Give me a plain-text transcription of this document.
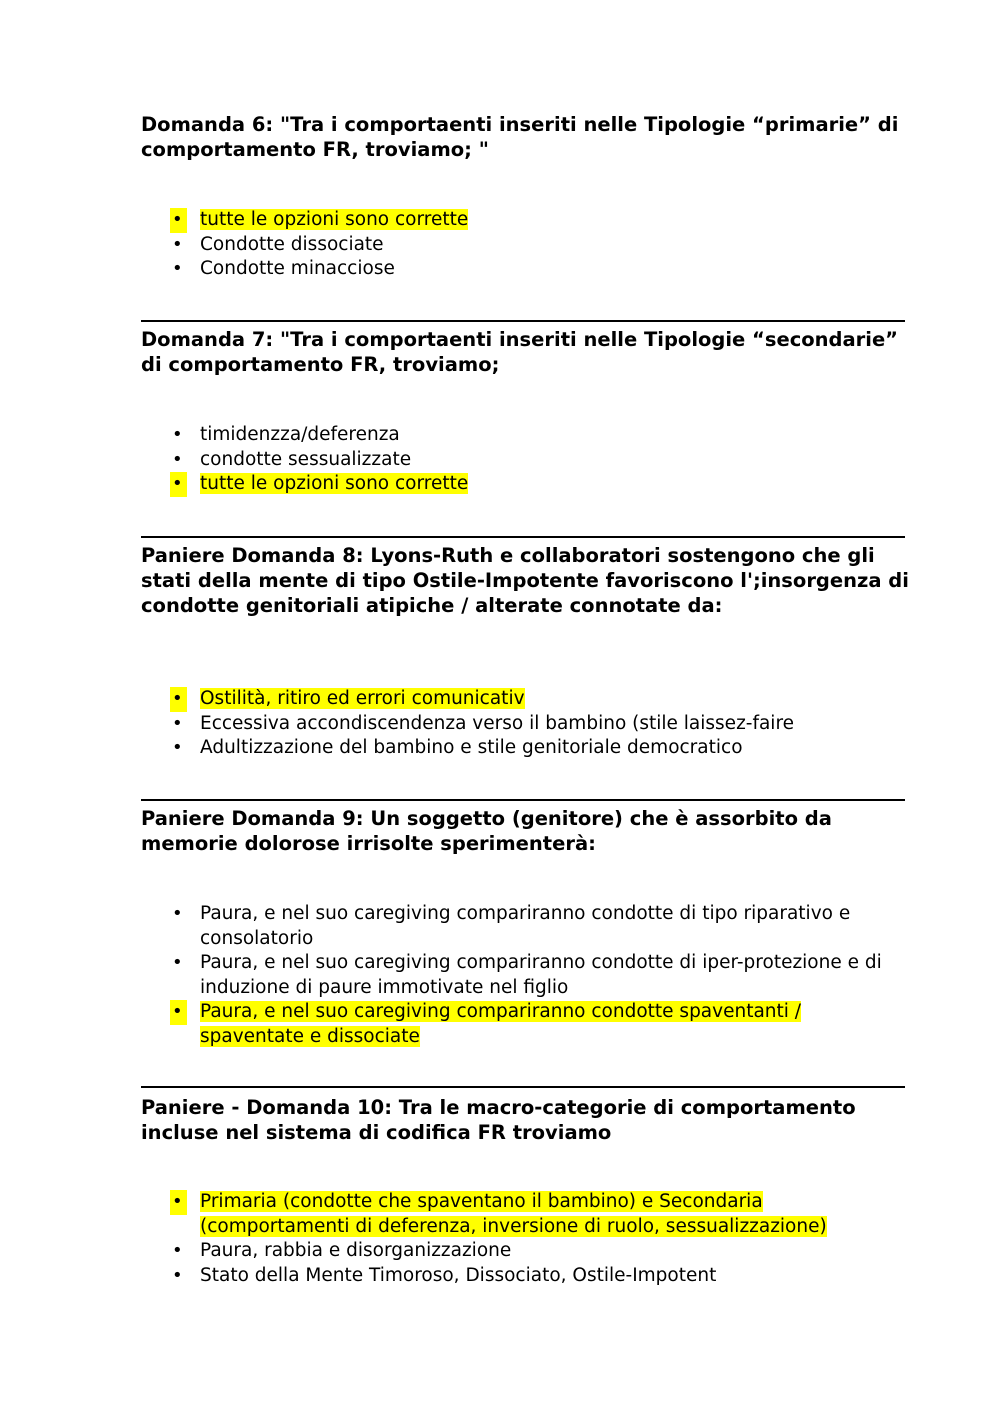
Domanda 6: "Tra i comportaenti inseriti nelle Tipologie “primarie” di comportamento FR, troviamo; "
• tutte le opzioni sono corrette
• Condotte dissociate
• Condotte minacciose
Domanda 7: "Tra i comportaenti inseriti nelle Tipologie “secondarie” di comportamento FR, troviamo;
• timidenzza/deferenza
• condotte sessualizzate
• tutte le opzioni sono corrette
Paniere Domanda 8: Lyons-Ruth e collaboratori sostengono che gli stati della mente di tipo Ostile-Impotente favoriscono l';insorgenza di condotte genitoriali atipiche / alterate connotate da:
• Ostilità, ritiro ed errori comunicativ
• Eccessiva accondiscendenza verso il bambino (stile laissez-faire
• Adultizzazione del bambino e stile genitoriale democratico
Paniere Domanda 9: Un soggetto (genitore) che è assorbito da memorie dolorose irrisolte sperimenterà:
• Paura, e nel suo caregiving compariranno condotte di tipo riparativo e consolatorio
• Paura, e nel suo caregiving compariranno condotte di iper-protezione e di induzione di paure immotivate nel figlio
• Paura, e nel suo caregiving compariranno condotte spaventanti / spaventate e dissociate
Paniere - Domanda 10: Tra le macro-categorie di comportamento incluse nel sistema di codifica FR troviamo
• Primaria (condotte che spaventano il bambino) e Secondaria (comportamenti di deferenza, inversione di ruolo, sessualizzazione)
• Paura, rabbia e disorganizzazione
• Stato della Mente Timoroso, Dissociato, Ostile-Impotent
